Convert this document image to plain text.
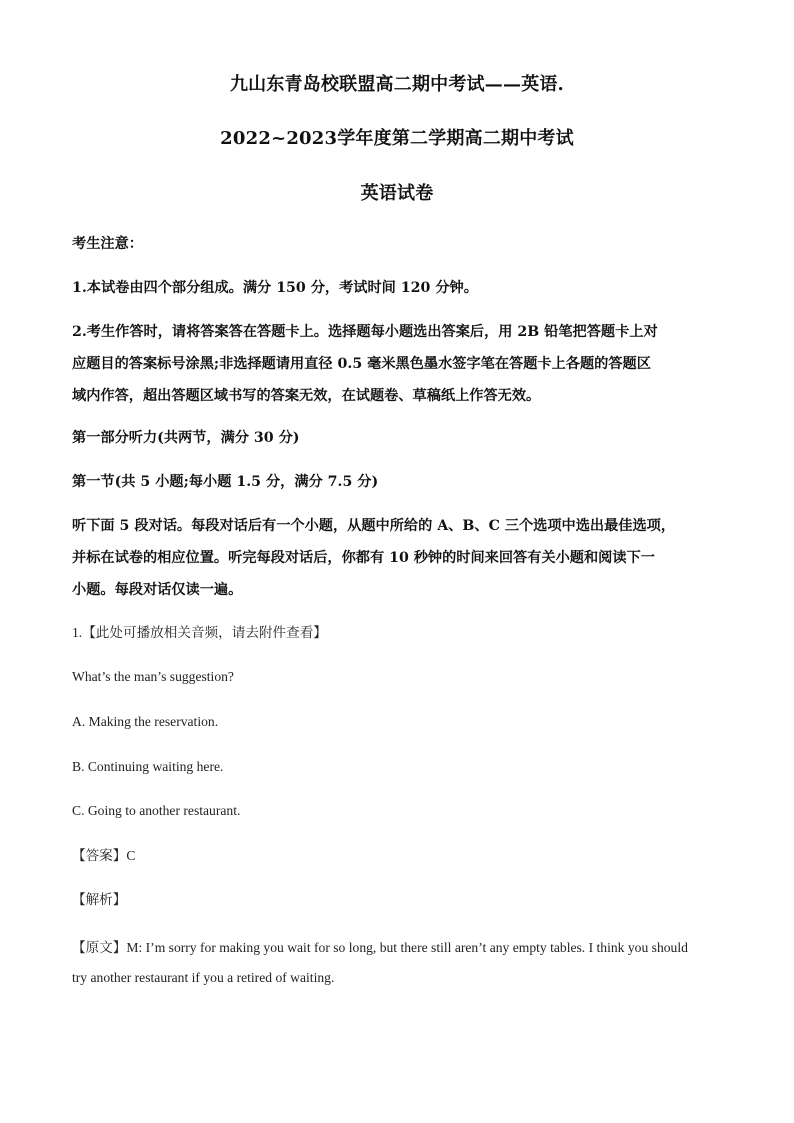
九山东青岛校联盟高二期中考试——英语.
2022~2023学年度第二学期高二期中考试
英语试卷
考生注意：
1.本试卷由四个部分组成。满分 150 分，考试时间 120 分钟。
2.考生作答时，请将答案答在答题卡上。选择题每小题选出答案后，用 2B 铅笔把答题卡上对
应题目的答案标号涂黑;非选择题请用直径 0.5 毫米黑色墨水签字笔在答题卡上各题的答题区
域内作答，超出答题区域书写的答案无效，在试题卷、草稿纸上作答无效。
第一部分听力(共两节，满分 30 分)
第一节(共 5 小题;每小题 1.5 分，满分 7.5 分)
听下面 5 段对话。每段对话后有一个小题，从题中所给的 A、B、C 三个选项中选出最佳选项，
并标在试卷的相应位置。听完每段对话后，你都有 10 秒钟的时间来回答有关小题和阅读下一
小题。每段对话仅读一遍。
1.【此处可播放相关音频，请去附件查看】
What’s the man’s suggestion?
A. Making the reservation.
B. Continuing waiting here.
C. Going to another restaurant.
【答案】C
【解析】
【原文】M: I’m sorry for making you wait for so long, but there still aren’t any empty tables. I think you should
try another restaurant if you a retired of waiting.
